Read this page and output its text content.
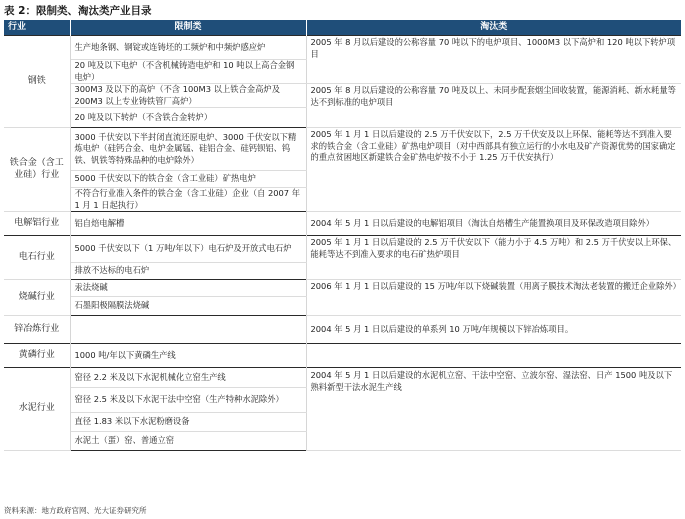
表 2：限制类、淘汰类产业目录
行业	限制类	淘汰类
钢铁	生产地条钢、钢锭或连铸坯的工频炉和中频炉感应炉	2005 年 8 月以后建设的公称容量 70 吨以下的电炉项目、1000M3 以下高炉和 120 吨以下转炉项目
	20 吨及以下电炉（不含机械铸造电炉和 10 吨以上高合金钢电炉）	
	300M3 及以下的高炉（不含 100M3 以上铁合金高炉及200M3 以上专业铸铁管厂高炉）	2005 年 8 月以后建设的公称容量 70 吨及以上、未同步配套烟尘回收装置，能源消耗、新水耗量等达不到标准的电炉项目
	20 吨及以下转炉（不含铁合金转炉）	
铁合金（含工业硅）行业	3000 千伏安以下半封闭直流还原电炉、3000 千伏安以下精炼电炉（硅钙合金、电炉金属锰、硅铝合金、硅钙钡铝、钨铁、钒铁等特殊品种的电炉除外）	2005 年 1 月 1 日以后建设的 2.5 万千伏安以下，2.5 万千伏安及以上环保、能耗等达不到准入要求的铁合金（含工业硅）矿热电炉项目（对中西部具有独立运行的小水电及矿产资源优势的国家确定的重点贫困地区新建铁合金矿热电炉按不小于 1.25 万千伏安执行）
	5000 千伏安以下的铁合金（含工业硅）矿热电炉	
	不符合行业准入条件的铁合金（含工业硅）企业（自 2007 年 1 月 1 日起执行）	
电解铝行业	铝自焙电解槽	2004 年 5 月 1 日以后建设的电解铝项目（淘汰自焙槽生产能置换项目及环保改造项目除外）
电石行业	5000 千伏安以下（1 万吨/年以下）电石炉及开放式电石炉	2005 年 1 月 1 日以后建设的 2.5 万千伏安以下（能力小于 4.5 万吨）和 2.5 万千伏安以上环保、能耗等达不到准入要求的电石矿热炉项目
	排放不达标的电石炉	
烧碱行业	汞法烧碱	2006 年 1 月 1 日以后建设的 15 万吨/年以下烧碱装置（用离子膜技术淘汰老装置的搬迁企业除外）
	石墨阳极隔膜法烧碱	
锌冶炼行业		2004 年 5 月 1 日以后建设的单系列 10 万吨/年规模以下锌冶炼项目。
黄磷行业	1000 吨/年以下黄磷生产线	
水泥行业	窑径 2.2 米及以下水泥机械化立窑生产线	2004 年 5 月 1 日以后建设的水泥机立窑、干法中空窑、立波尔窑、湿法窑、日产 1500 吨及以下熟料新型干法水泥生产线
	窑径 2.5 米及以下水泥干法中空窑（生产特种水泥除外）	
	直径 1.83 米以下水泥粉磨设备	
	水泥土（蛋）窑、普通立窑	
资料来源：地方政府官网、光大证券研究所
